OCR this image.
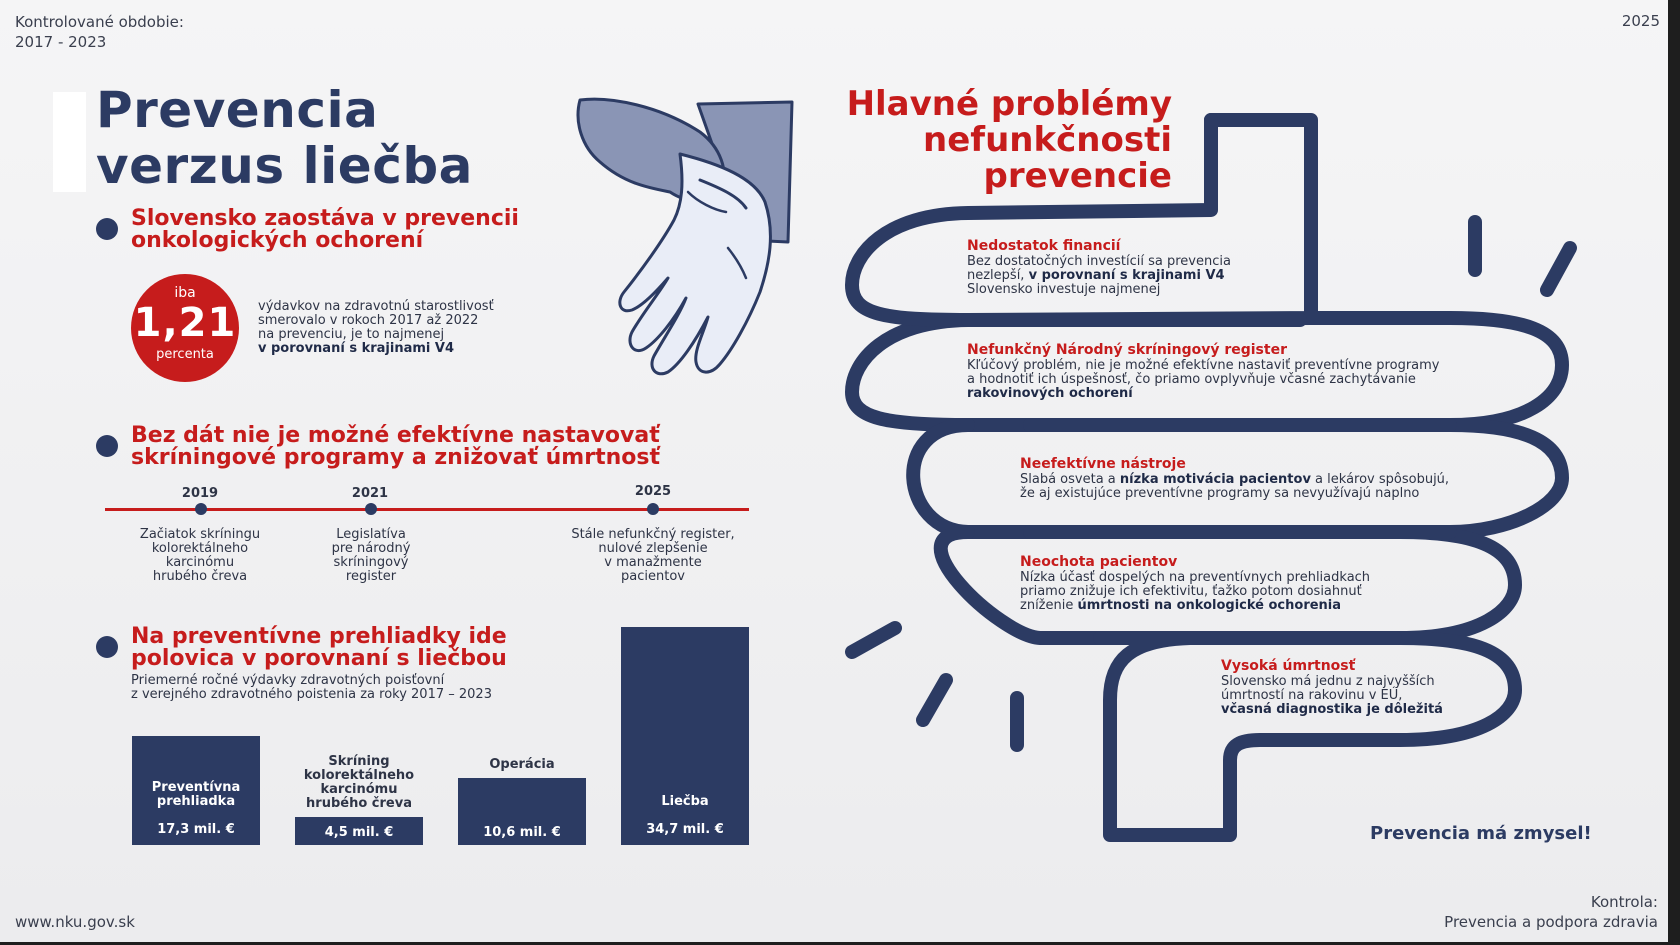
Kontrolované obdobie:
2017 - 2023
2025
Prevencia
verzus liečba
Slovensko zaostáva v prevencii
onkologických ochorení
iba
1,21
percenta
výdavkov na zdravotnú starostlivosť
smerovalo v rokoch 2017 až 2022
na prevenciu, je to najmenej
v porovnaní s krajinami V4
Bez dát nie je možné efektívne nastavovať
skríningové programy a znižovať úmrtnosť
2019
Začiatok skríningu
kolorektálneho
karcinómu
hrubého čreva
2021
Legislatíva
pre národný
skríningový
register
2025
Stále nefunkčný register,
nulové zlepšenie
v manažmente
pacientov
Na preventívne prehliadky ide
polovica v porovnaní s liečbou
Priemerné ročné výdavky zdravotných poisťovní
z verejného zdravotného poistenia za roky 2017 – 2023
Preventívna
prehliadka
17,3 mil. €
Skríning
kolorektálneho
karcinómu
hrubého čreva
4,5 mil. €
Operácia
10,6 mil. €
Liečba
34,7 mil. €
Hlavné problémy
nefunkčnosti
prevencie
Nedostatok financií
Bez dostatočných investícií sa prevencia
nezlepší, v porovnaní s krajinami V4
Slovensko investuje najmenej
Nefunkčný Národný skríningový register
Kľúčový problém, nie je možné efektívne nastaviť preventívne programy
a hodnotiť ich úspešnosť, čo priamo ovplyvňuje včasné zachytávanie
rakovinových ochorení
Neefektívne nástroje
Slabá osveta a nízka motivácia pacientov a lekárov spôsobujú,
že aj existujúce preventívne programy sa nevyužívajú naplno
Neochota pacientov
Nízka účasť dospelých na preventívnych prehliadkach
priamo znižuje ich efektivitu, ťažko potom dosiahnuť
zníženie úmrtnosti na onkologické ochorenia
Vysoká úmrtnosť
Slovensko má jednu z najvyšších
úmrtností na rakovinu v EÚ,
včasná diagnostika je dôležitá
Prevencia má zmysel!
www.nku.gov.sk
Kontrola:
Prevencia a podpora zdravia
